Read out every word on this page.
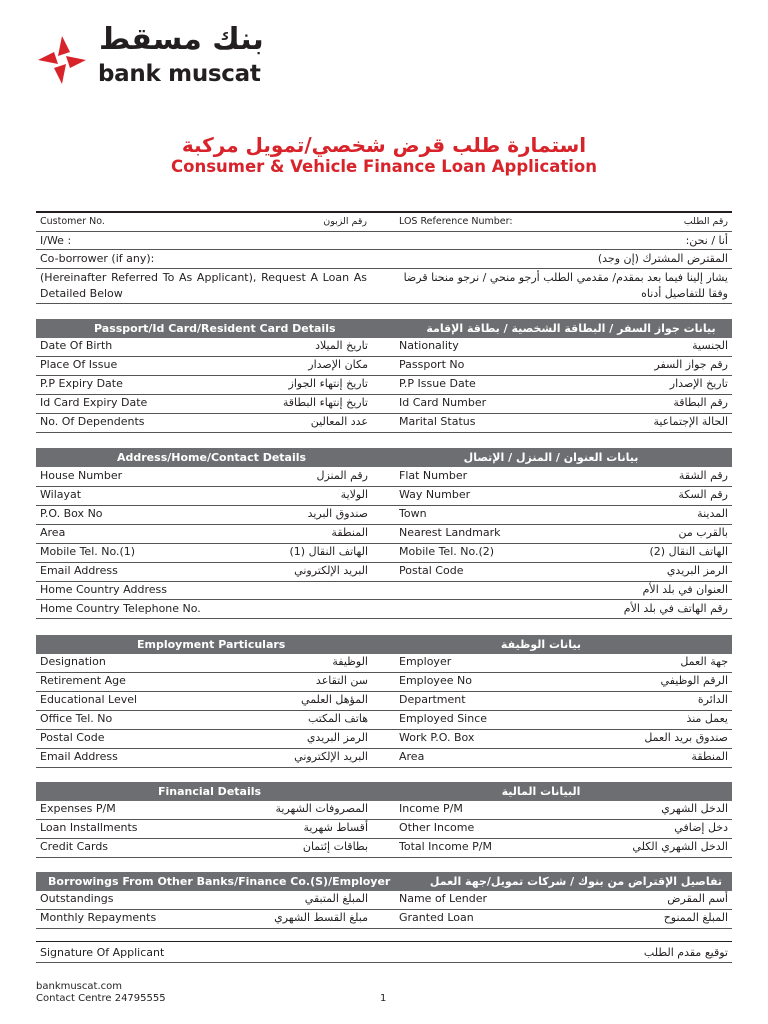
بنك مسقط
bank muscat
استمارة طلب قرض شخصي/تمويل مركبة
Consumer & Vehicle Finance Loan Application
Customer No.	رقم الزبون	LOS Reference Number:	رقم الطلب
I/We :	أنا / نحن:
Co-borrower (if any):	المقترض المشترك (إن وجد)
(Hereinafter Referred To As Applicant), Request A Loan As Detailed Below
يشار إلينا فيما بعد بمقدم/ مقدمي الطلب أرجو منحي / نرجو منحنا قرضا وفقا للتفاصيل أدناه
Passport/Id Card/Resident Card Details	بيانات جواز السفر / البطاقة الشخصية / بطاقة الإقامة
Date Of Birth	تاريخ الميلاد	Nationality	الجنسية
Place Of Issue	مكان الإصدار	Passport No	رقم جواز السفر
P.P Expiry Date	تاريخ إنتهاء الجواز	P.P Issue Date	تاريخ الإصدار
Id Card Expiry Date	تاريخ إنتهاء البطاقة	Id Card Number	رقم البطاقة
No. Of Dependents	عدد المعالين	Marital Status	الحالة الإجتماعية
Address/Home/Contact Details	بيانات العنوان / المنزل / الإتصال
House Number	رقم المنزل	Flat Number	رقم الشقة
Wilayat	الولاية	Way Number	رقم السكة
P.O. Box No	صندوق البريد	Town	المدينة
Area	المنطقة	Nearest Landmark	بالقرب من
Mobile Tel. No.(1)	الهاتف النقال (1)	Mobile Tel. No.(2)	الهاتف النقال (2)
Email Address	البريد الإلكتروني	Postal Code	الرمز البريدي
Home Country Address	العنوان في بلد الأم
Home Country Telephone No.	رقم الهاتف في بلد الأم
Employment Particulars	بيانات الوظيفة
Designation	الوظيفة	Employer	جهة العمل
Retirement Age	سن التقاعد	Employee No	الرقم الوظيفي
Educational Level	المؤهل العلمي	Department	الدائرة
Office Tel. No	هاتف المكتب	Employed Since	يعمل منذ
Postal Code	الرمز البريدي	Work P.O. Box	صندوق بريد العمل
Email Address	البريد الإلكتروني	Area	المنطقة
Financial Details	البيانات المالية
Expenses P/M	المصروفات الشهرية	Income P/M	الدخل الشهري
Loan Installments	أقساط شهرية	Other Income	دخل إضافي
Credit Cards	بطاقات إئتمان	Total Income P/M	الدخل الشهري الكلي
Borrowings From Other Banks/Finance Co.(S)/Employer	تفاصيل الإقتراض من بنوك / شركات تمويل/جهة العمل
Outstandings	المبلغ المتبقي	Name of Lender	أسم المقرض
Monthly Repayments	مبلغ القسط الشهري	Granted Loan	المبلغ الممنوح
Signature Of Applicant	توقيع مقدم الطلب
bankmuscat.com
Contact Centre 24795555	1
